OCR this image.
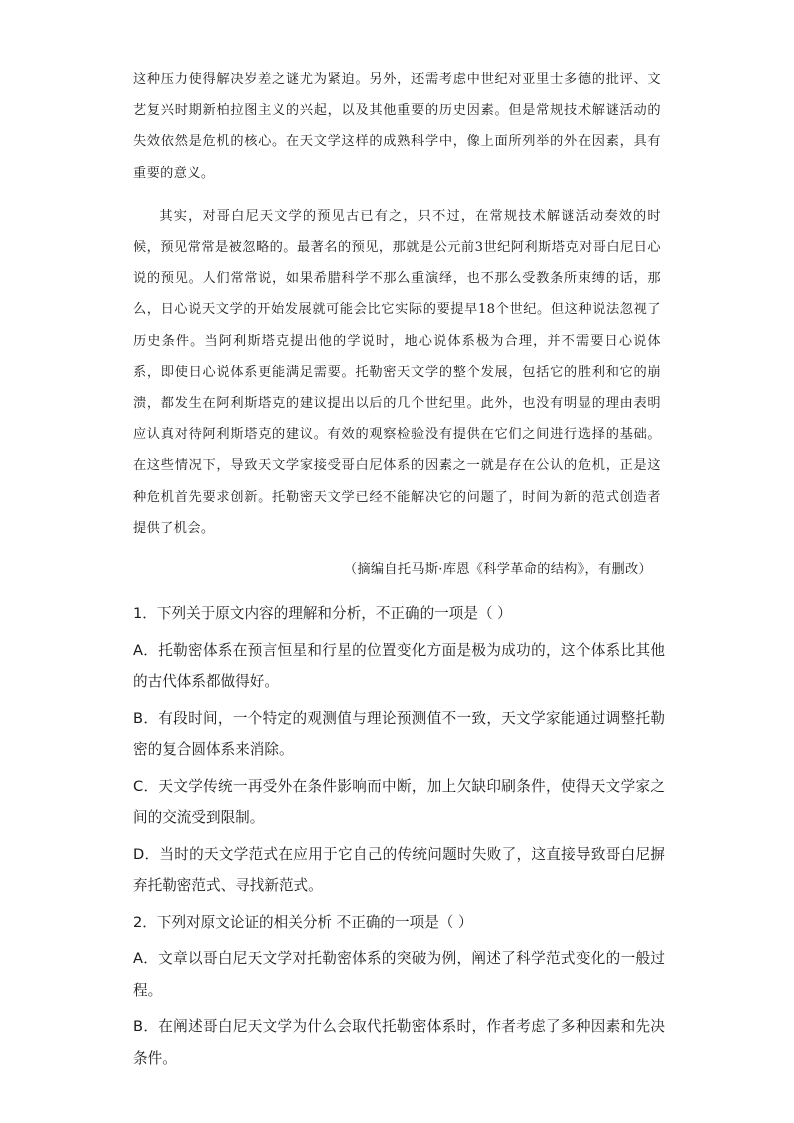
这种压力使得解决岁差之谜尤为紧迫。另外，还需考虑中世纪对亚里士多德的批评、文艺复兴时期新柏拉图主义的兴起，以及其他重要的历史因素。但是常规技术解谜活动的失效依然是危机的核心。在天文学这样的成熟科学中，像上面所列举的外在因素，具有重要的意义。

其实，对哥白尼天文学的预见古已有之，只不过，在常规技术解谜活动奏效的时候，预见常常是被忽略的。最著名的预见，那就是公元前3世纪阿利斯塔克对哥白尼日心说的预见。人们常常说，如果希腊科学不那么重演绎，也不那么受教条所束缚的话，那么，日心说天文学的开始发展就可能会比它实际的要提早18个世纪。但这种说法忽视了历史条件。当阿利斯塔克提出他的学说时，地心说体系极为合理，并不需要日心说体系，即使日心说体系更能满足需要。托勒密天文学的整个发展，包括它的胜利和它的崩溃，都发生在阿利斯塔克的建议提出以后的几个世纪里。此外，也没有明显的理由表明应认真对待阿利斯塔克的建议。有效的观察检验没有提供在它们之间进行选择的基础。在这些情况下，导致天文学家接受哥白尼体系的因素之一就是存在公认的危机，正是这种危机首先要求创新。托勒密天文学已经不能解决它的问题了，时间为新的范式创造者提供了机会。

（摘编自托马斯·库恩《科学革命的结构》，有删改）

1．下列关于原文内容的理解和分析，不正确的一项是（ ）

A．托勒密体系在预言恒星和行星的位置变化方面是极为成功的，这个体系比其他的古代体系都做得好。

B．有段时间，一个特定的观测值与理论预测值不一致，天文学家能通过调整托勒密的复合圆体系来消除。

C．天文学传统一再受外在条件影响而中断，加上欠缺印刷条件，使得天文学家之间的交流受到限制。

D．当时的天文学范式在应用于它自己的传统问题时失败了，这直接导致哥白尼摒弃托勒密范式、寻找新范式。

2．下列对原文论证的相关分析 不正确的一项是（ ）

A．文章以哥白尼天文学对托勒密体系的突破为例，阐述了科学范式变化的一般过程。

B．在阐述哥白尼天文学为什么会取代托勒密体系时，作者考虑了多种因素和先决条件。
